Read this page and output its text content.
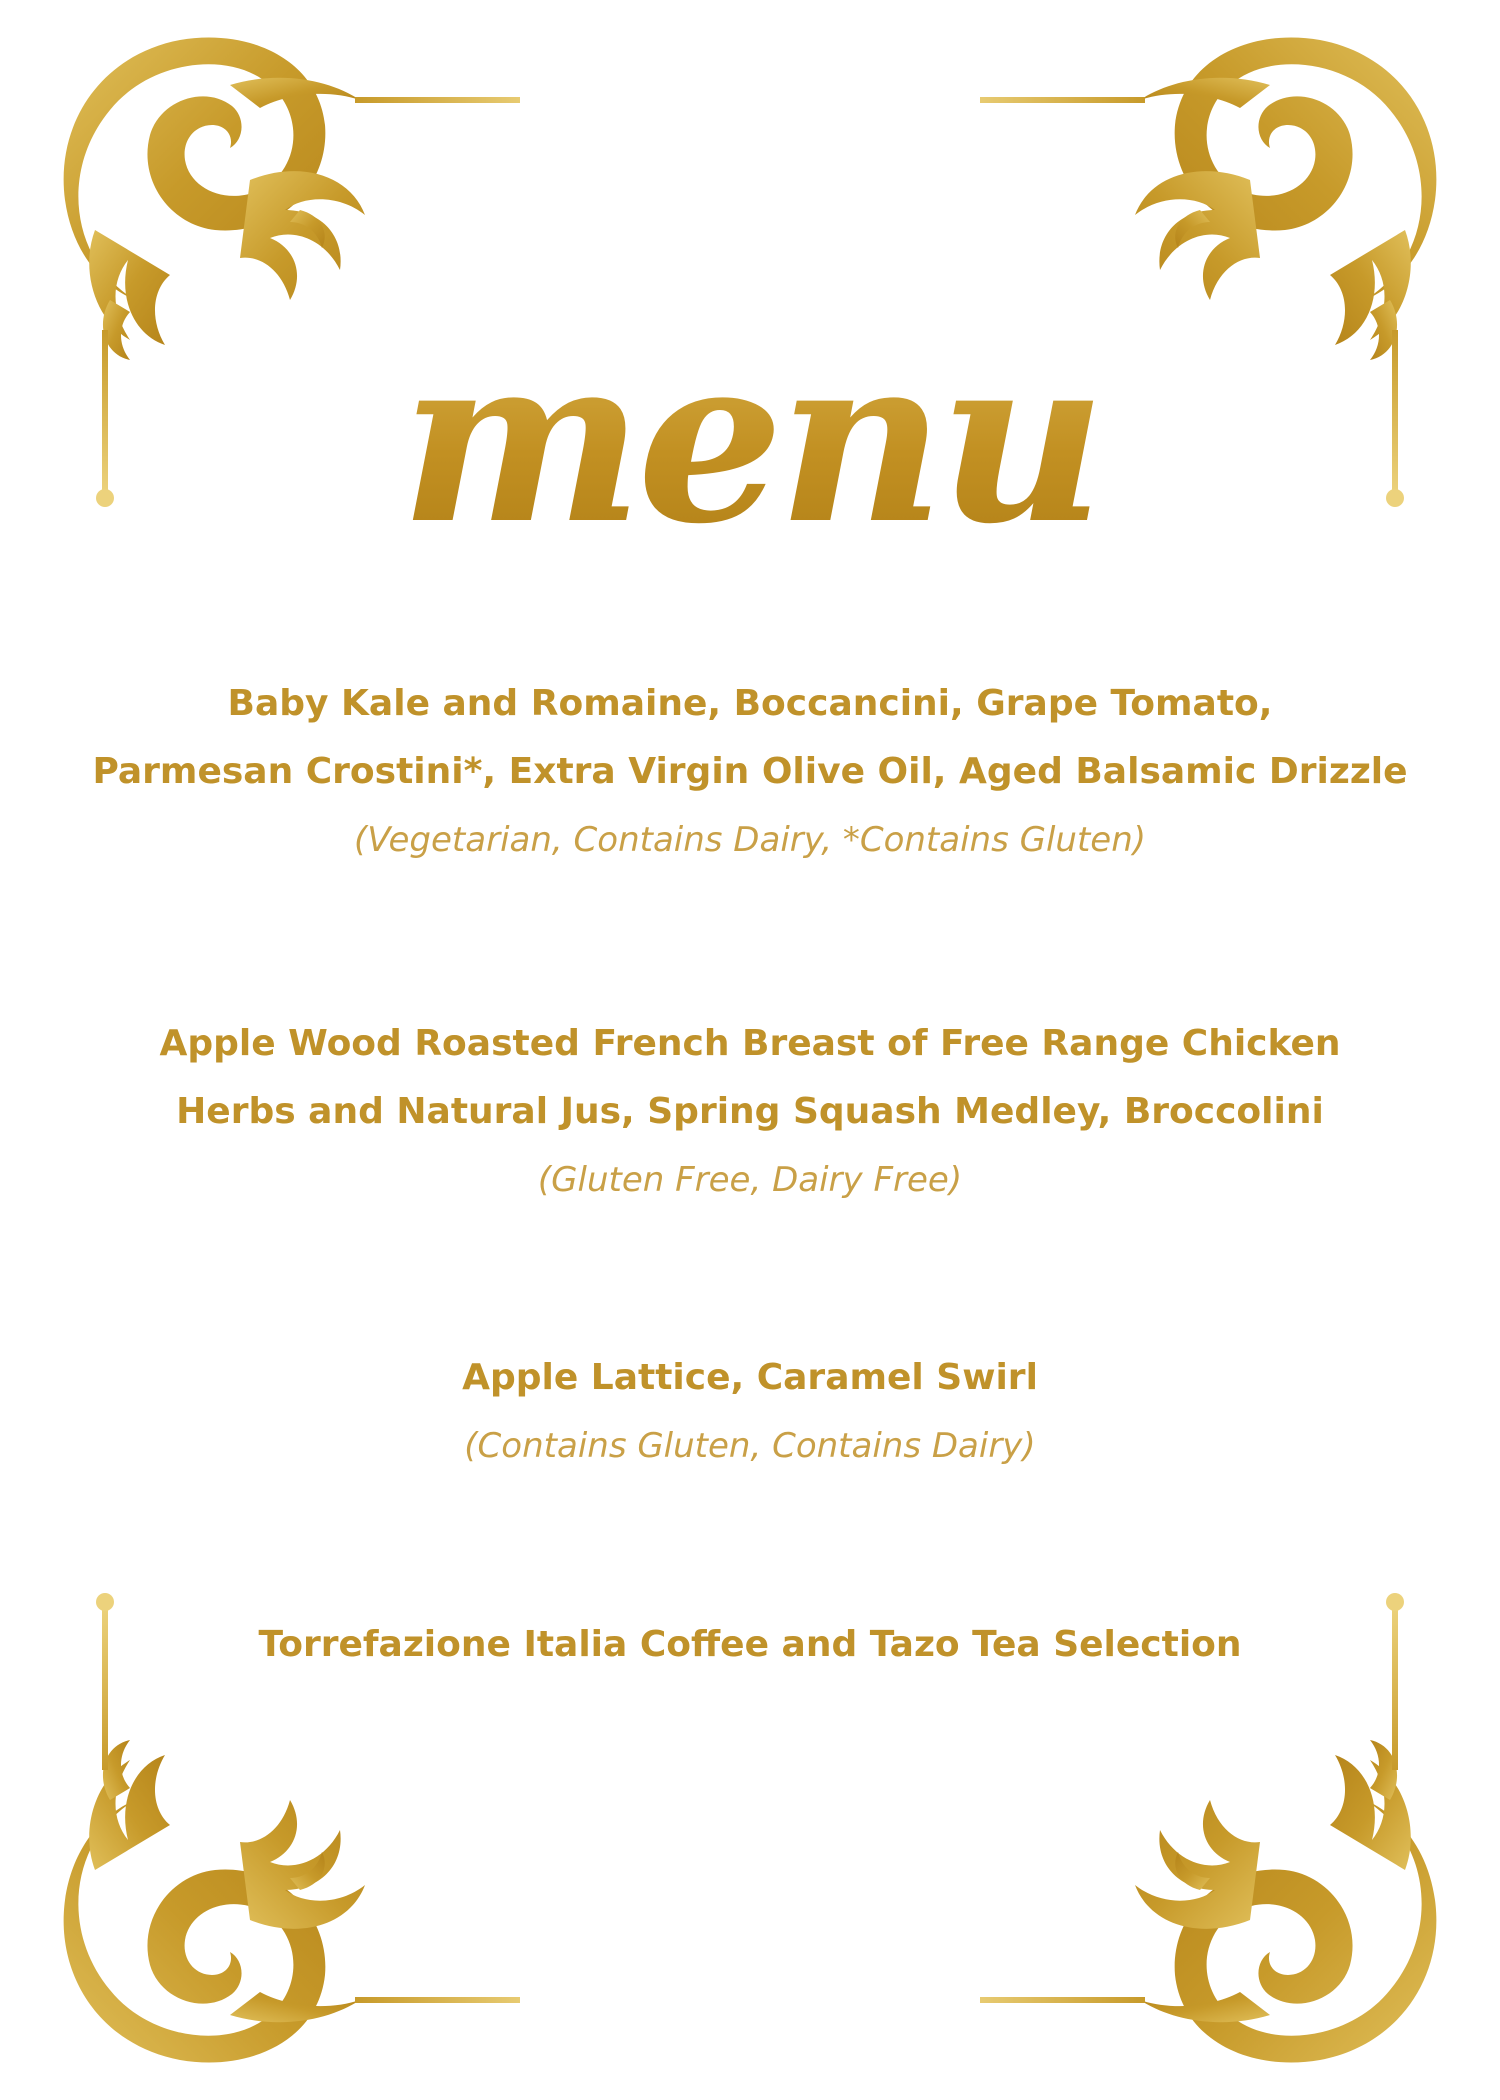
menu
Baby Kale and Romaine, Boccancini, Grape Tomato,
Parmesan Crostini*, Extra Virgin Olive Oil, Aged Balsamic Drizzle
(Vegetarian, Contains Dairy, *Contains Gluten)
Apple Wood Roasted French Breast of Free Range Chicken
Herbs and Natural Jus, Spring Squash Medley, Broccolini
(Gluten Free, Dairy Free)
Apple Lattice, Caramel Swirl
(Contains Gluten, Contains Dairy)
Torrefazione Italia Coffee and Tazo Tea Selection
